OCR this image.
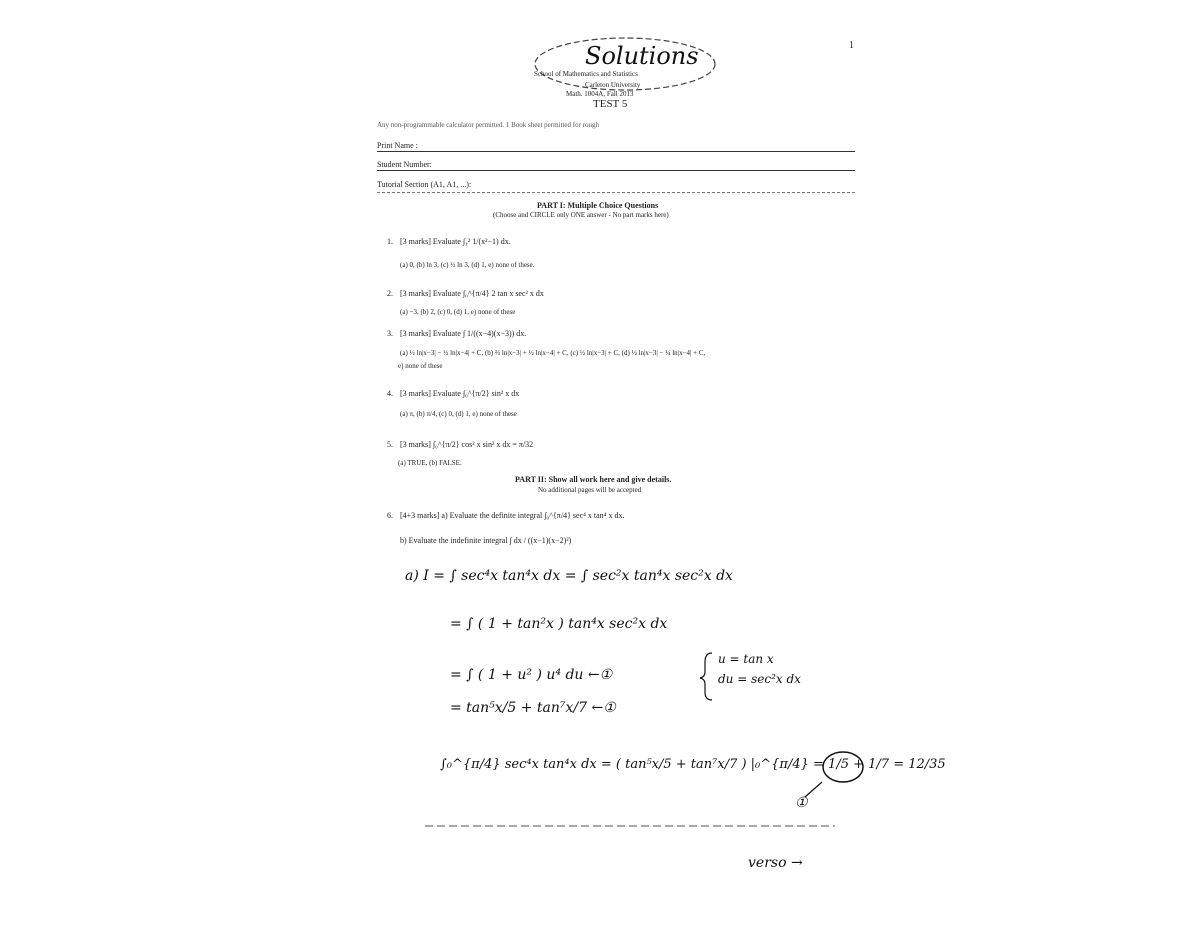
1
Solutions
School of Mathematics and Statistics
Carleton University
Math. 1004A, Fall 2013
TEST 5
Any non-programmable calculator permitted. 1 Book sheet permitted for rough
Print Name :
Student Number:
Tutorial Section (A1, A1, ...):
PART I: Multiple Choice Questions
(Choose and CIRCLE only ONE answer - No part marks here)
1. [3 marks] Evaluate ∫₁² 1/(x²−1) dx.
(a) 0, (b) ln 3, (c) ½ ln 3, (d) 1, e) none of these.
2. [3 marks] Evaluate ∫₀^{π/4} 2 tan x sec² x dx
(a) −3, (b) 2, (c) 0, (d) 1, e) none of these
3. [3 marks] Evaluate ∫ 1/((x−4)(x−3)) dx.
(a) ½ ln|x−3| − ½ ln|x−4| + C, (b) ⅔ ln|x−3| + ½ ln|x−4| + C, (c) ½ ln|x−3| + C, (d) ½ ln|x−3| − ¼ ln|x−4| + C,
e) none of these
4. [3 marks] Evaluate ∫₀^{π/2} sin² x dx
(a) π, (b) π/4, (c) 0, (d) 1, e) none of these
5. [3 marks] ∫₀^{π/2} cos² x sin² x dx = π/32
(a) TRUE, (b) FALSE.
PART II: Show all work here and give details.
No additional pages will be accepted
6. [4+3 marks] a) Evaluate the definite integral ∫₀^{π/4} sec⁴ x tan⁴ x dx.
b) Evaluate the indefinite integral ∫ dx / ((x−1)(x−2)²)
a) I = ∫ sec⁴x tan⁴x dx = ∫ sec²x tan⁴x sec²x dx
= ∫ ( 1 + tan²x ) tan⁴x sec²x dx
= ∫ ( 1 + u² ) u⁴ du ←①
u = tan x
du = sec²x dx
= tan⁵x/5 + tan⁷x/7 ←①
∫₀^{π/4} sec⁴x tan⁴x dx = ( tan⁵x/5 + tan⁷x/7 ) |₀^{π/4} = 1/5 + 1/7 = 12/35
①
verso →
